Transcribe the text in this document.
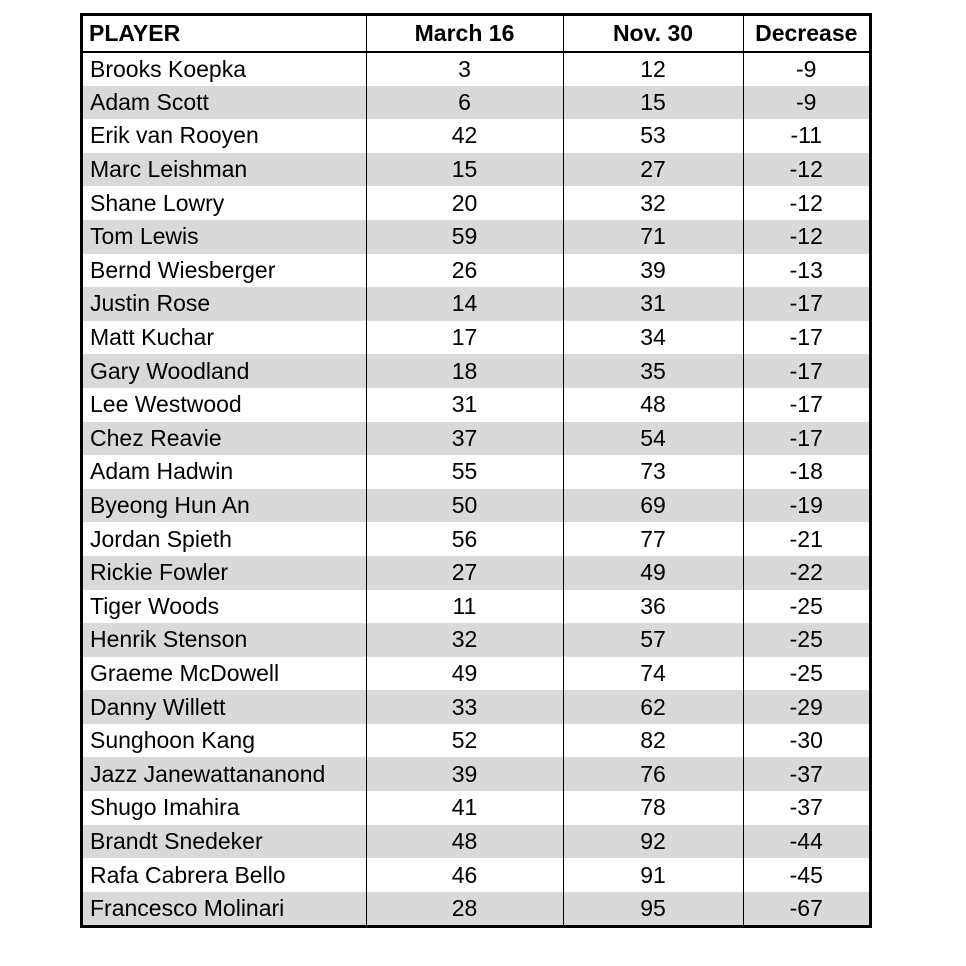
PLAYER	March 16	Nov. 30	Decrease
Brooks Koepka	3	12	-9
Adam Scott	6	15	-9
Erik van Rooyen	42	53	-11
Marc Leishman	15	27	-12
Shane Lowry	20	32	-12
Tom Lewis	59	71	-12
Bernd Wiesberger	26	39	-13
Justin Rose	14	31	-17
Matt Kuchar	17	34	-17
Gary Woodland	18	35	-17
Lee Westwood	31	48	-17
Chez Reavie	37	54	-17
Adam Hadwin	55	73	-18
Byeong Hun An	50	69	-19
Jordan Spieth	56	77	-21
Rickie Fowler	27	49	-22
Tiger Woods	11	36	-25
Henrik Stenson	32	57	-25
Graeme McDowell	49	74	-25
Danny Willett	33	62	-29
Sunghoon Kang	52	82	-30
Jazz Janewattananond	39	76	-37
Shugo Imahira	41	78	-37
Brandt Snedeker	48	92	-44
Rafa Cabrera Bello	46	91	-45
Francesco Molinari	28	95	-67
